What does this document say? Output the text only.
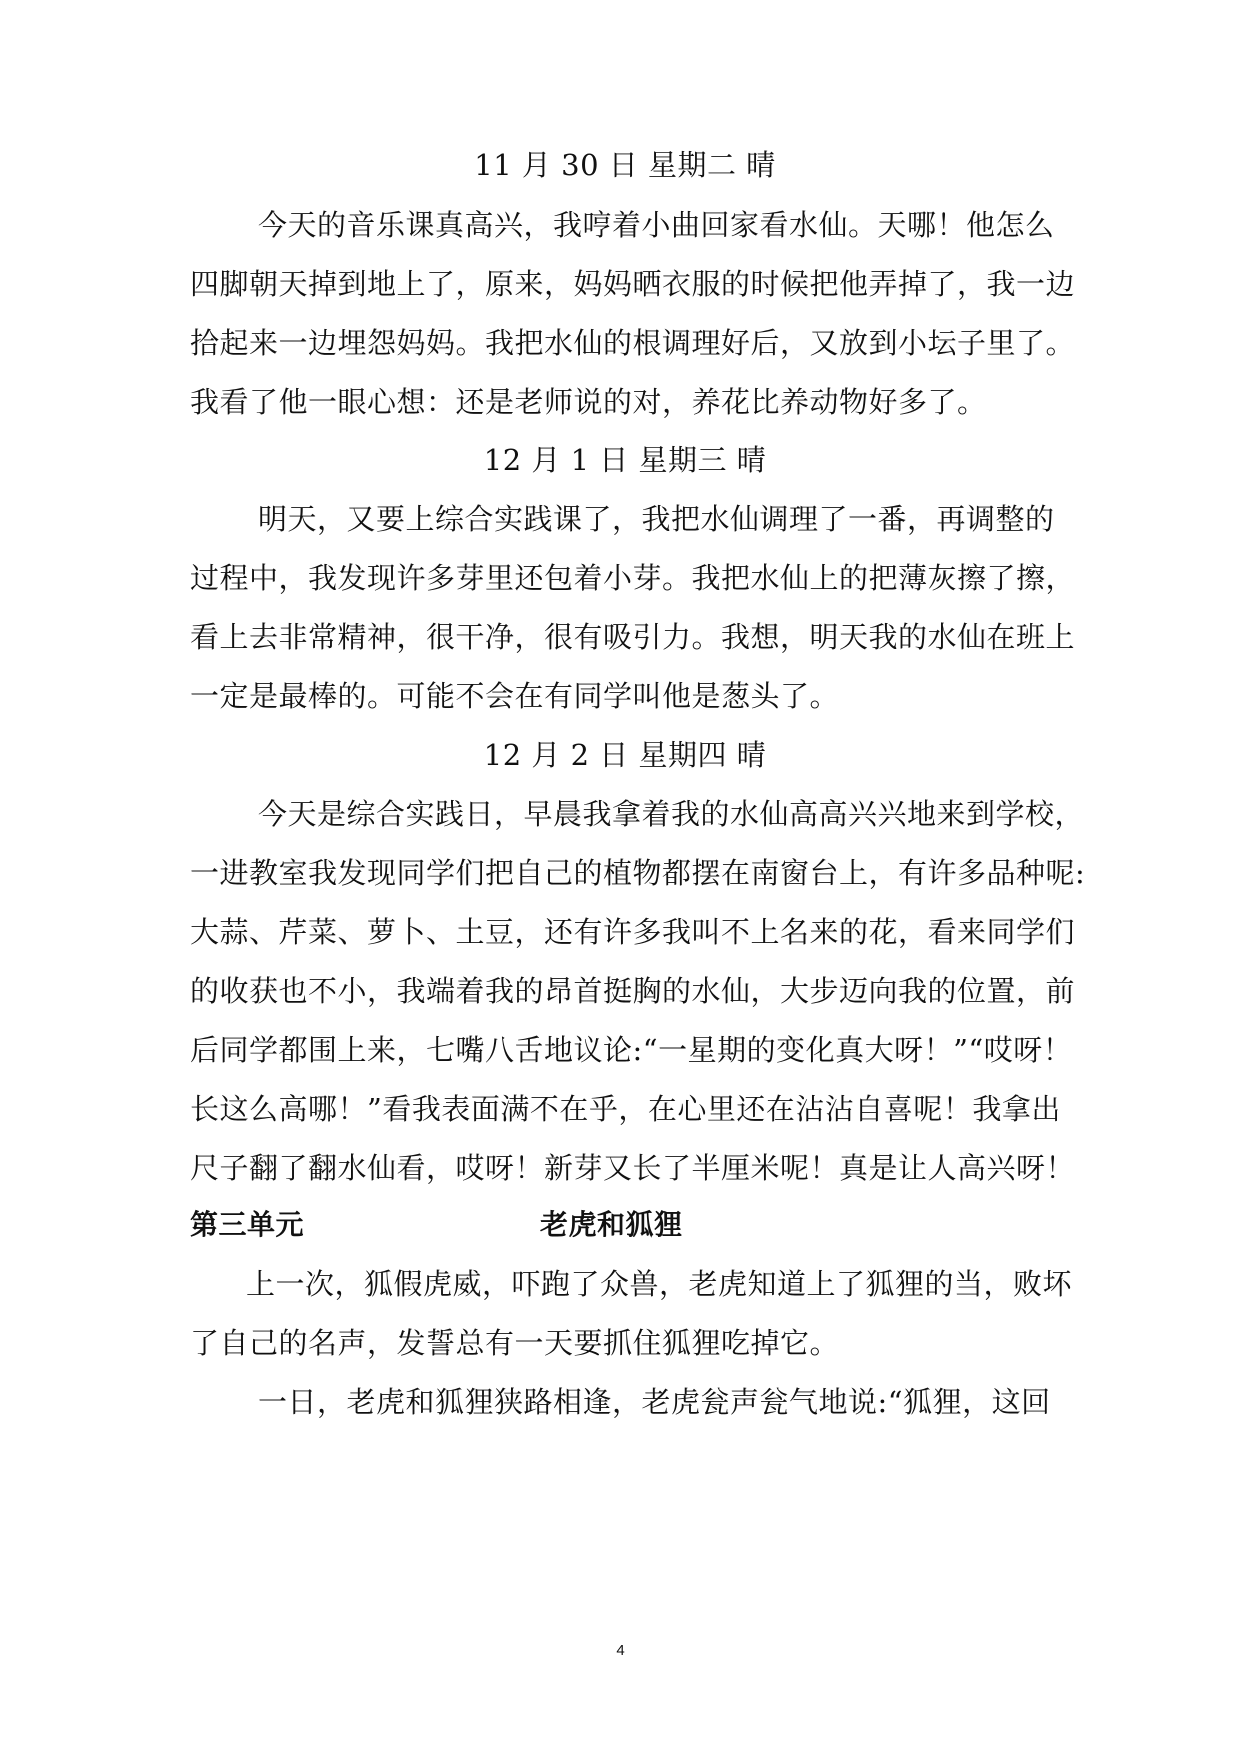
11 月 30 日 星期二 晴
今天的音乐课真高兴，我哼着小曲回家看水仙。天哪！他怎么
四脚朝天掉到地上了，原来，妈妈晒衣服的时候把他弄掉了，我一边
拾起来一边埋怨妈妈。我把水仙的根调理好后，又放到小坛子里了。
我看了他一眼心想：还是老师说的对，养花比养动物好多了。
12 月 1 日 星期三 晴
明天，又要上综合实践课了，我把水仙调理了一番，再调整的
过程中，我发现许多芽里还包着小芽。我把水仙上的把薄灰擦了擦，
看上去非常精神，很干净，很有吸引力。我想，明天我的水仙在班上
一定是最棒的。可能不会在有同学叫他是葱头了。
12 月 2 日 星期四 晴
今天是综合实践日，早晨我拿着我的水仙高高兴兴地来到学校，
一进教室我发现同学们把自己的植物都摆在南窗台上，有许多品种呢:
大蒜、芹菜、萝卜、土豆，还有许多我叫不上名来的花，看来同学们
的收获也不小，我端着我的昂首挺胸的水仙，大步迈向我的位置，前
后同学都围上来，七嘴八舌地议论:“一星期的变化真大呀！”“哎呀！
长这么高哪！”看我表面满不在乎，在心里还在沾沾自喜呢！我拿出
尺子翻了翻水仙看，哎呀！新芽又长了半厘米呢！真是让人高兴呀！
第三单元	老虎和狐狸
上一次，狐假虎威，吓跑了众兽，老虎知道上了狐狸的当，败坏
了自己的名声，发誓总有一天要抓住狐狸吃掉它。
一日，老虎和狐狸狭路相逢，老虎瓮声瓮气地说:“狐狸，这回
4
